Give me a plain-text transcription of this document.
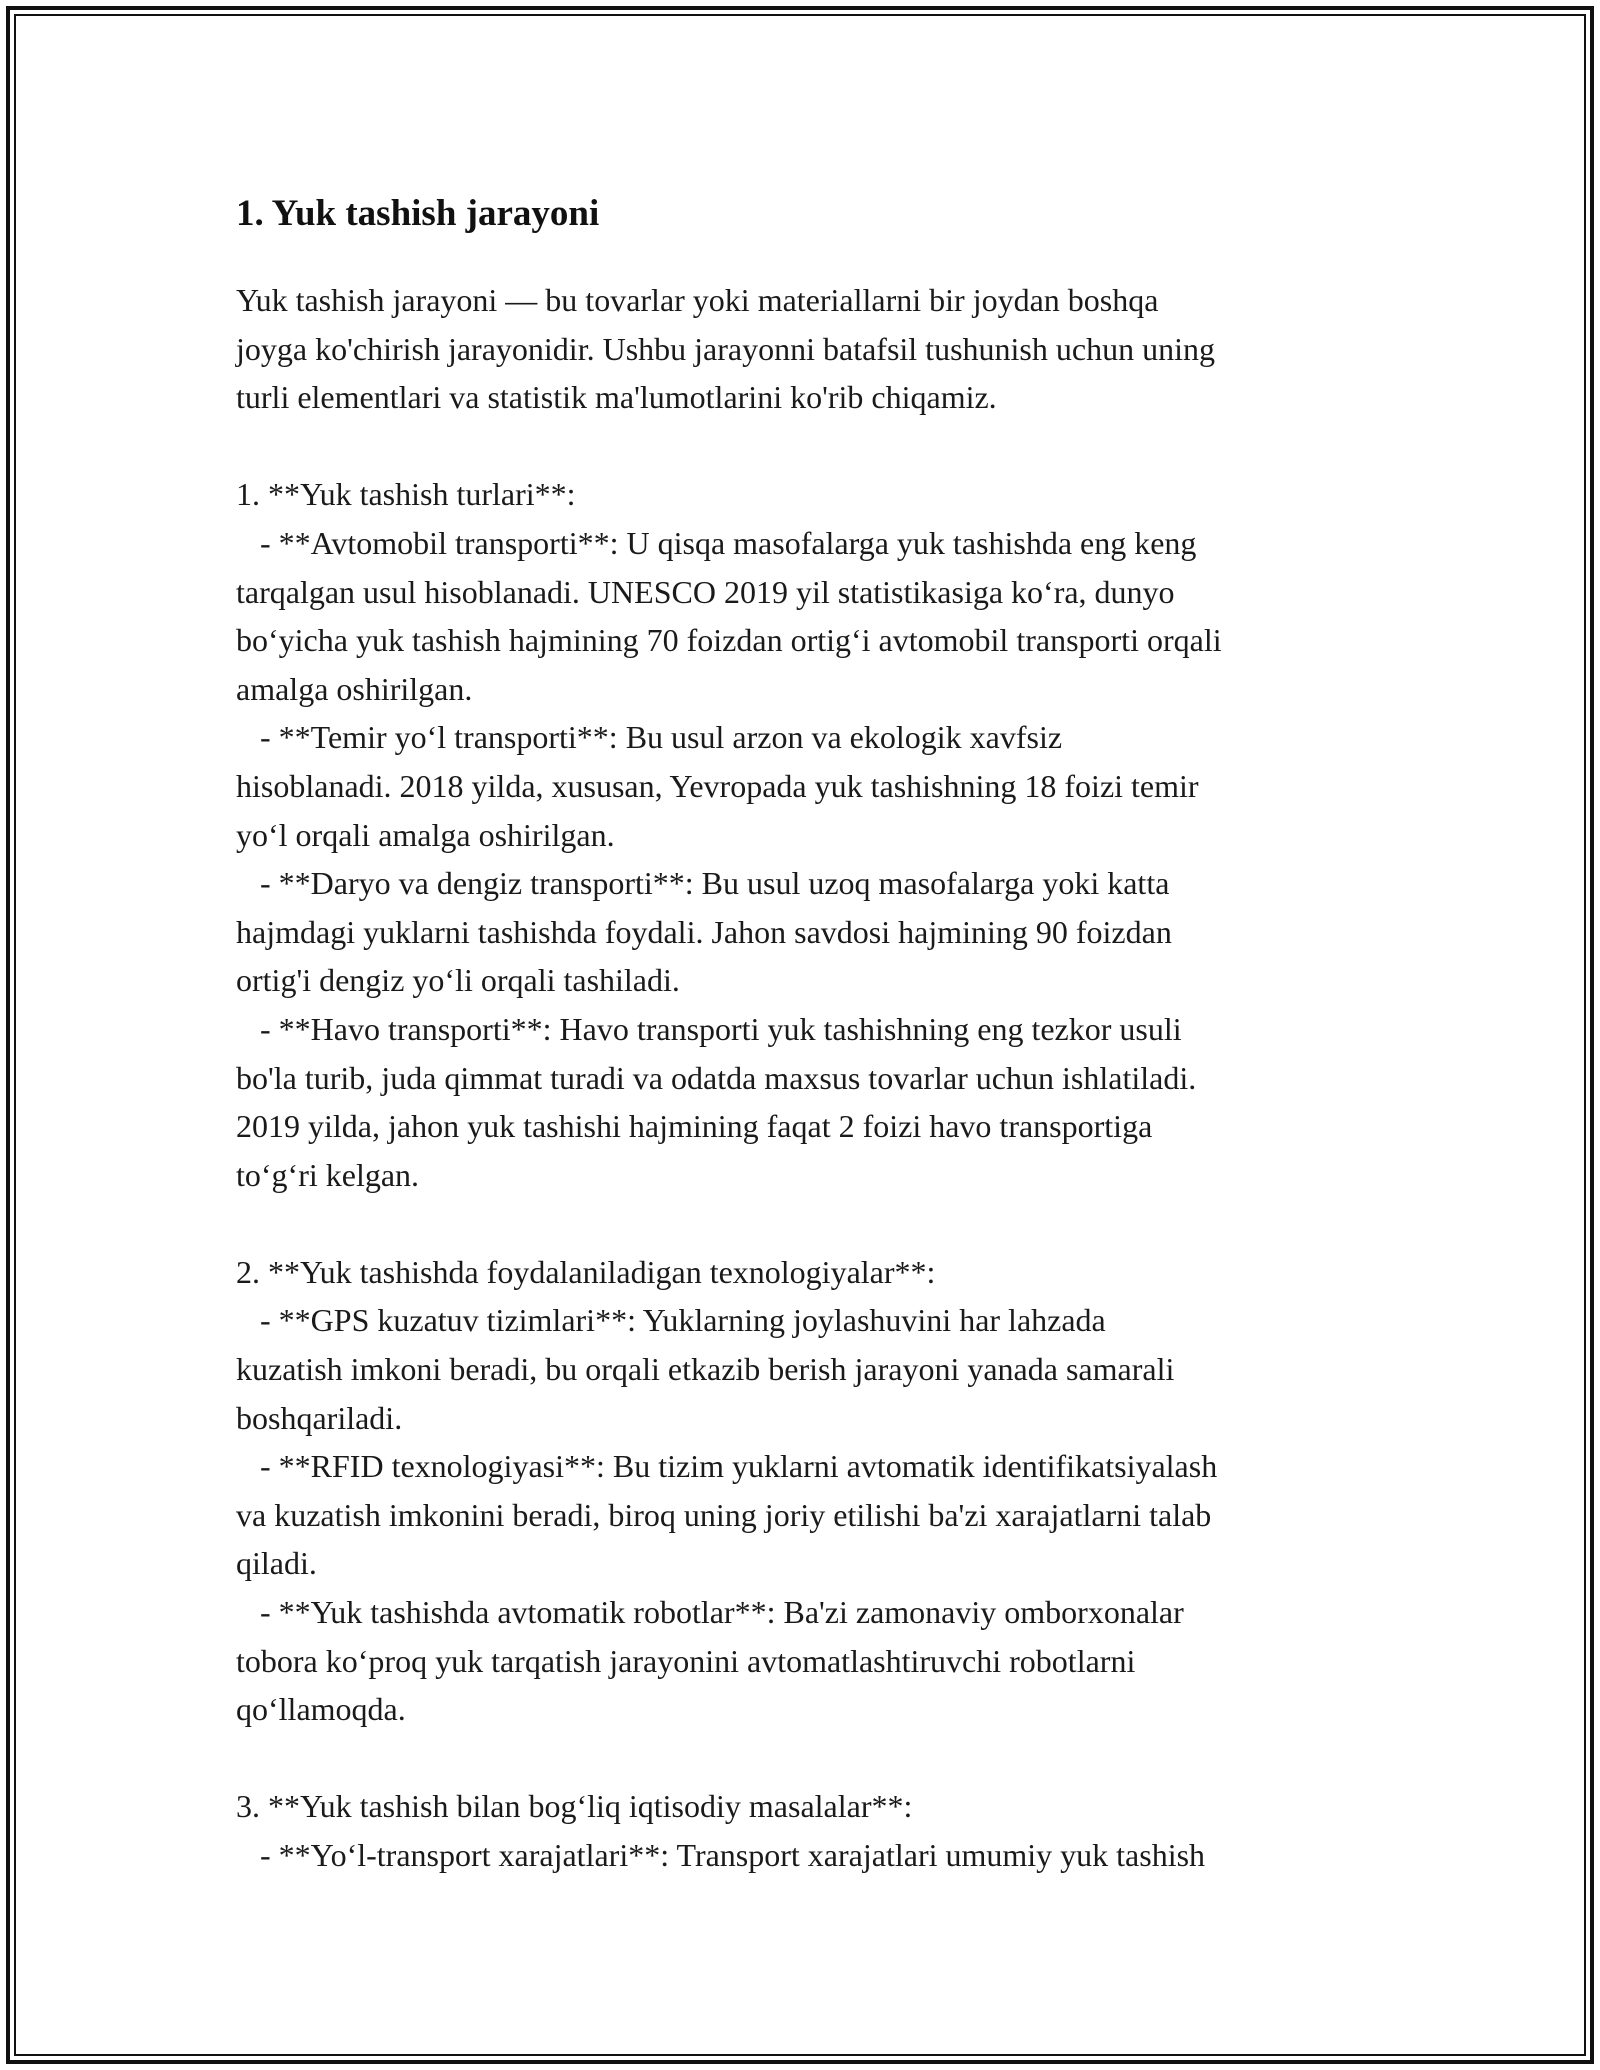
1. Yuk tashish jarayoni

Yuk tashish jarayoni — bu tovarlar yoki materiallarni bir joydan boshqa
joyga ko'chirish jarayonidir. Ushbu jarayonni batafsil tushunish uchun uning
turli elementlari va statistik ma'lumotlarini ko'rib chiqamiz.

1. **Yuk tashish turlari**:
- **Avtomobil transporti**: U qisqa masofalarga yuk tashishda eng keng
tarqalgan usul hisoblanadi. UNESCO 2019 yil statistikasiga koʻra, dunyo
boʻyicha yuk tashish hajmining 70 foizdan ortigʻi avtomobil transporti orqali
amalga oshirilgan.
- **Temir yoʻl transporti**: Bu usul arzon va ekologik xavfsiz
hisoblanadi. 2018 yilda, xususan, Yevropada yuk tashishning 18 foizi temir
yoʻl orqali amalga oshirilgan.
- **Daryo va dengiz transporti**: Bu usul uzoq masofalarga yoki katta
hajmdagi yuklarni tashishda foydali. Jahon savdosi hajmining 90 foizdan
ortig'i dengiz yoʻli orqali tashiladi.
- **Havo transporti**: Havo transporti yuk tashishning eng tezkor usuli
bo'la turib, juda qimmat turadi va odatda maxsus tovarlar uchun ishlatiladi.
2019 yilda, jahon yuk tashishi hajmining faqat 2 foizi havo transportiga
toʻgʻri kelgan.

2. **Yuk tashishda foydalaniladigan texnologiyalar**:
- **GPS kuzatuv tizimlari**: Yuklarning joylashuvini har lahzada
kuzatish imkoni beradi, bu orqali etkazib berish jarayoni yanada samarali
boshqariladi.
- **RFID texnologiyasi**: Bu tizim yuklarni avtomatik identifikatsiyalash
va kuzatish imkonini beradi, biroq uning joriy etilishi ba'zi xarajatlarni talab
qiladi.
- **Yuk tashishda avtomatik robotlar**: Ba'zi zamonaviy omborxonalar
tobora koʻproq yuk tarqatish jarayonini avtomatlashtiruvchi robotlarni
qoʻllamoqda.

3. **Yuk tashish bilan bogʻliq iqtisodiy masalalar**:
- **Yoʻl-transport xarajatlari**: Transport xarajatlari umumiy yuk tashish
